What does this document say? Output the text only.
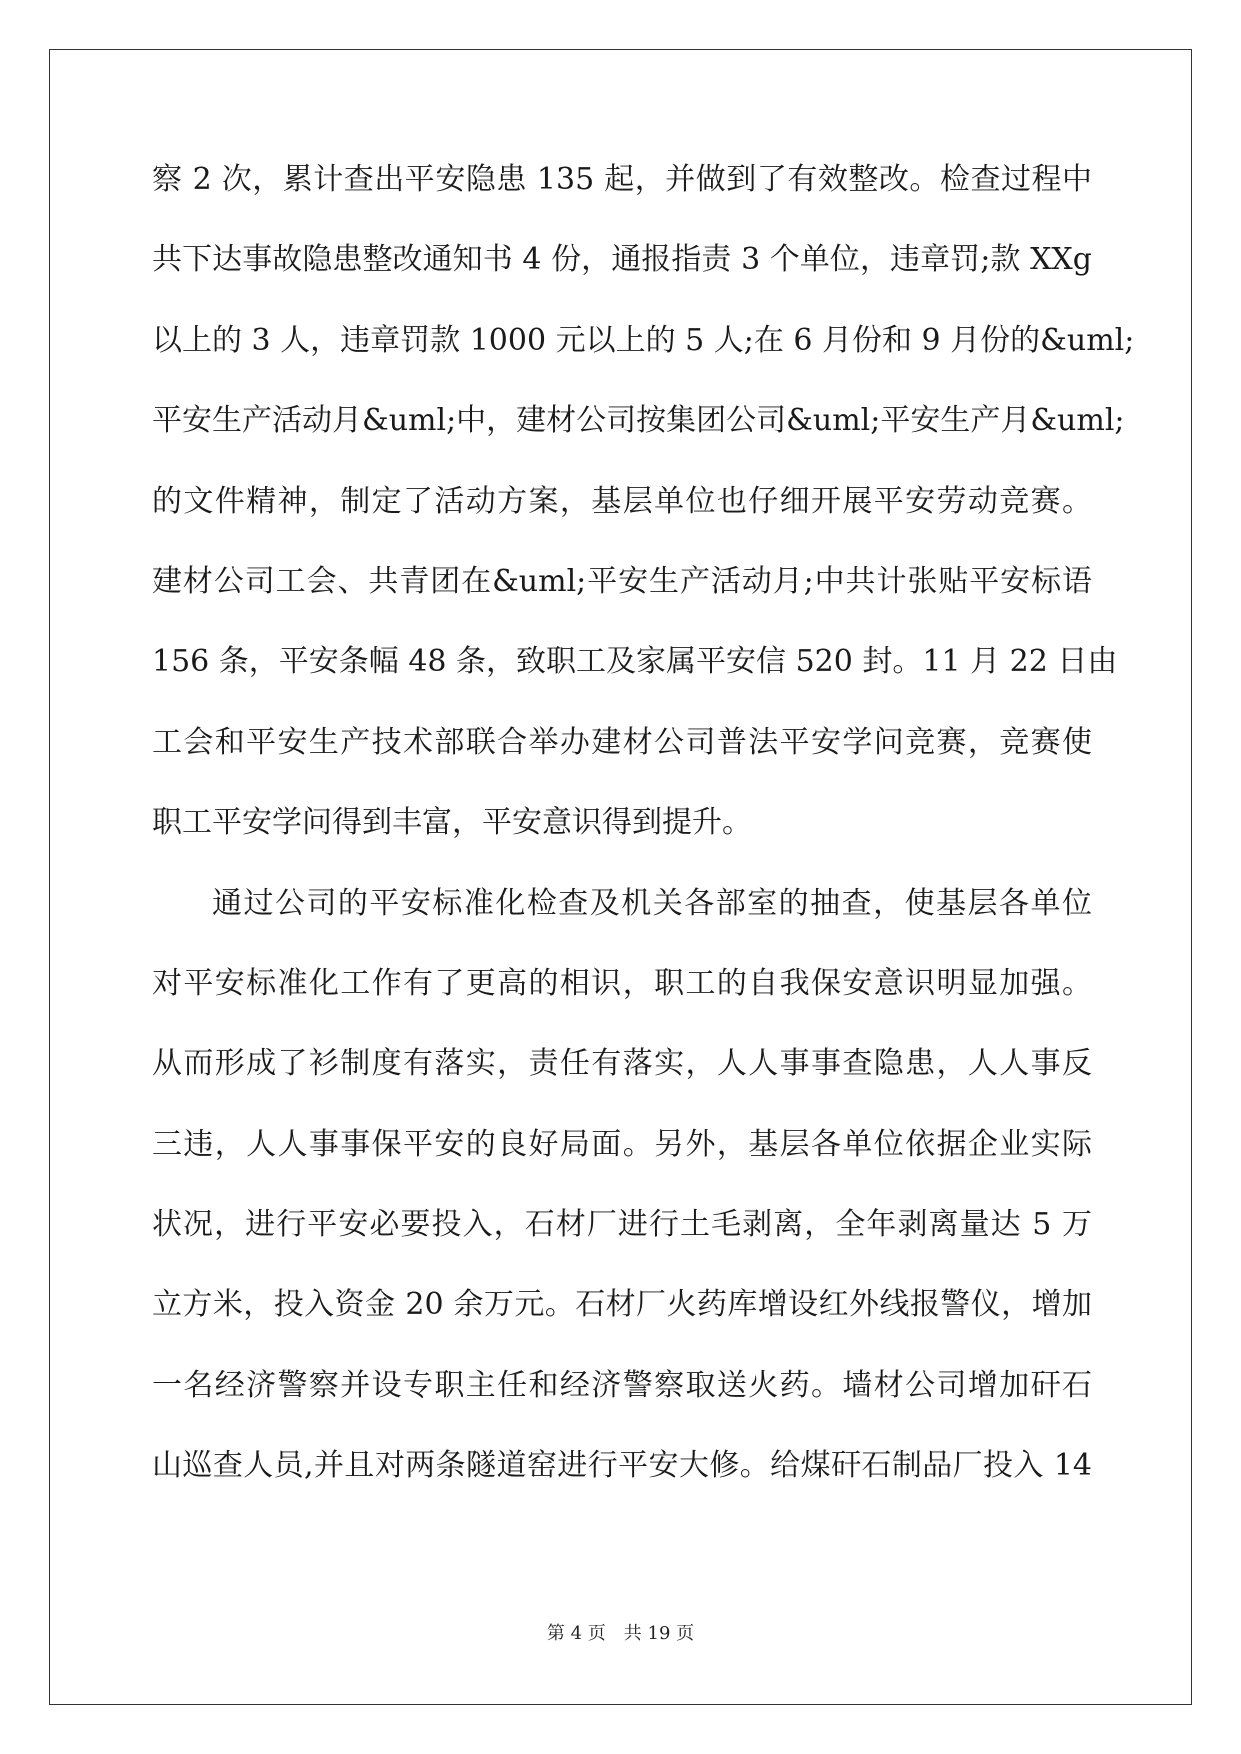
察 2 次，累计查出平安隐患 135 起，并做到了有效整改。检查过程中
共下达事故隐患整改通知书 4 份，通报指责 3 个单位，违章罚;款 XXg
以上的 3 人，违章罚款 1000 元以上的 5 人;在 6 月份和 9 月份的&uml;
平安生产活动月&uml;中，建材公司按集团公司&uml;平安生产月&uml;
的文件精神，制定了活动方案，基层单位也仔细开展平安劳动竞赛。
建材公司工会、共青团在&uml;平安生产活动月;中共计张贴平安标语
156 条，平安条幅 48 条，致职工及家属平安信 520 封。11 月 22 日由
工会和平安生产技术部联合举办建材公司普法平安学问竞赛，竞赛使
职工平安学问得到丰富，平安意识得到提升。
通过公司的平安标准化检查及机关各部室的抽查，使基层各单位
对平安标准化工作有了更高的相识，职工的自我保安意识明显加强。
从而形成了衫制度有落实，责任有落实，人人事事查隐患，人人事反
三违，人人事事保平安的良好局面。另外，基层各单位依据企业实际
状况，进行平安必要投入，石材厂进行土毛剥离，全年剥离量达 5 万
立方米，投入资金 20 余万元。石材厂火药库增设红外线报警仪，增加
一名经济警察并设专职主任和经济警察取送火药。墙材公司增加矸石
山巡查人员,并且对两条隧道窑进行平安大修。给煤矸石制品厂投入 14
第 4 页 共 19 页
